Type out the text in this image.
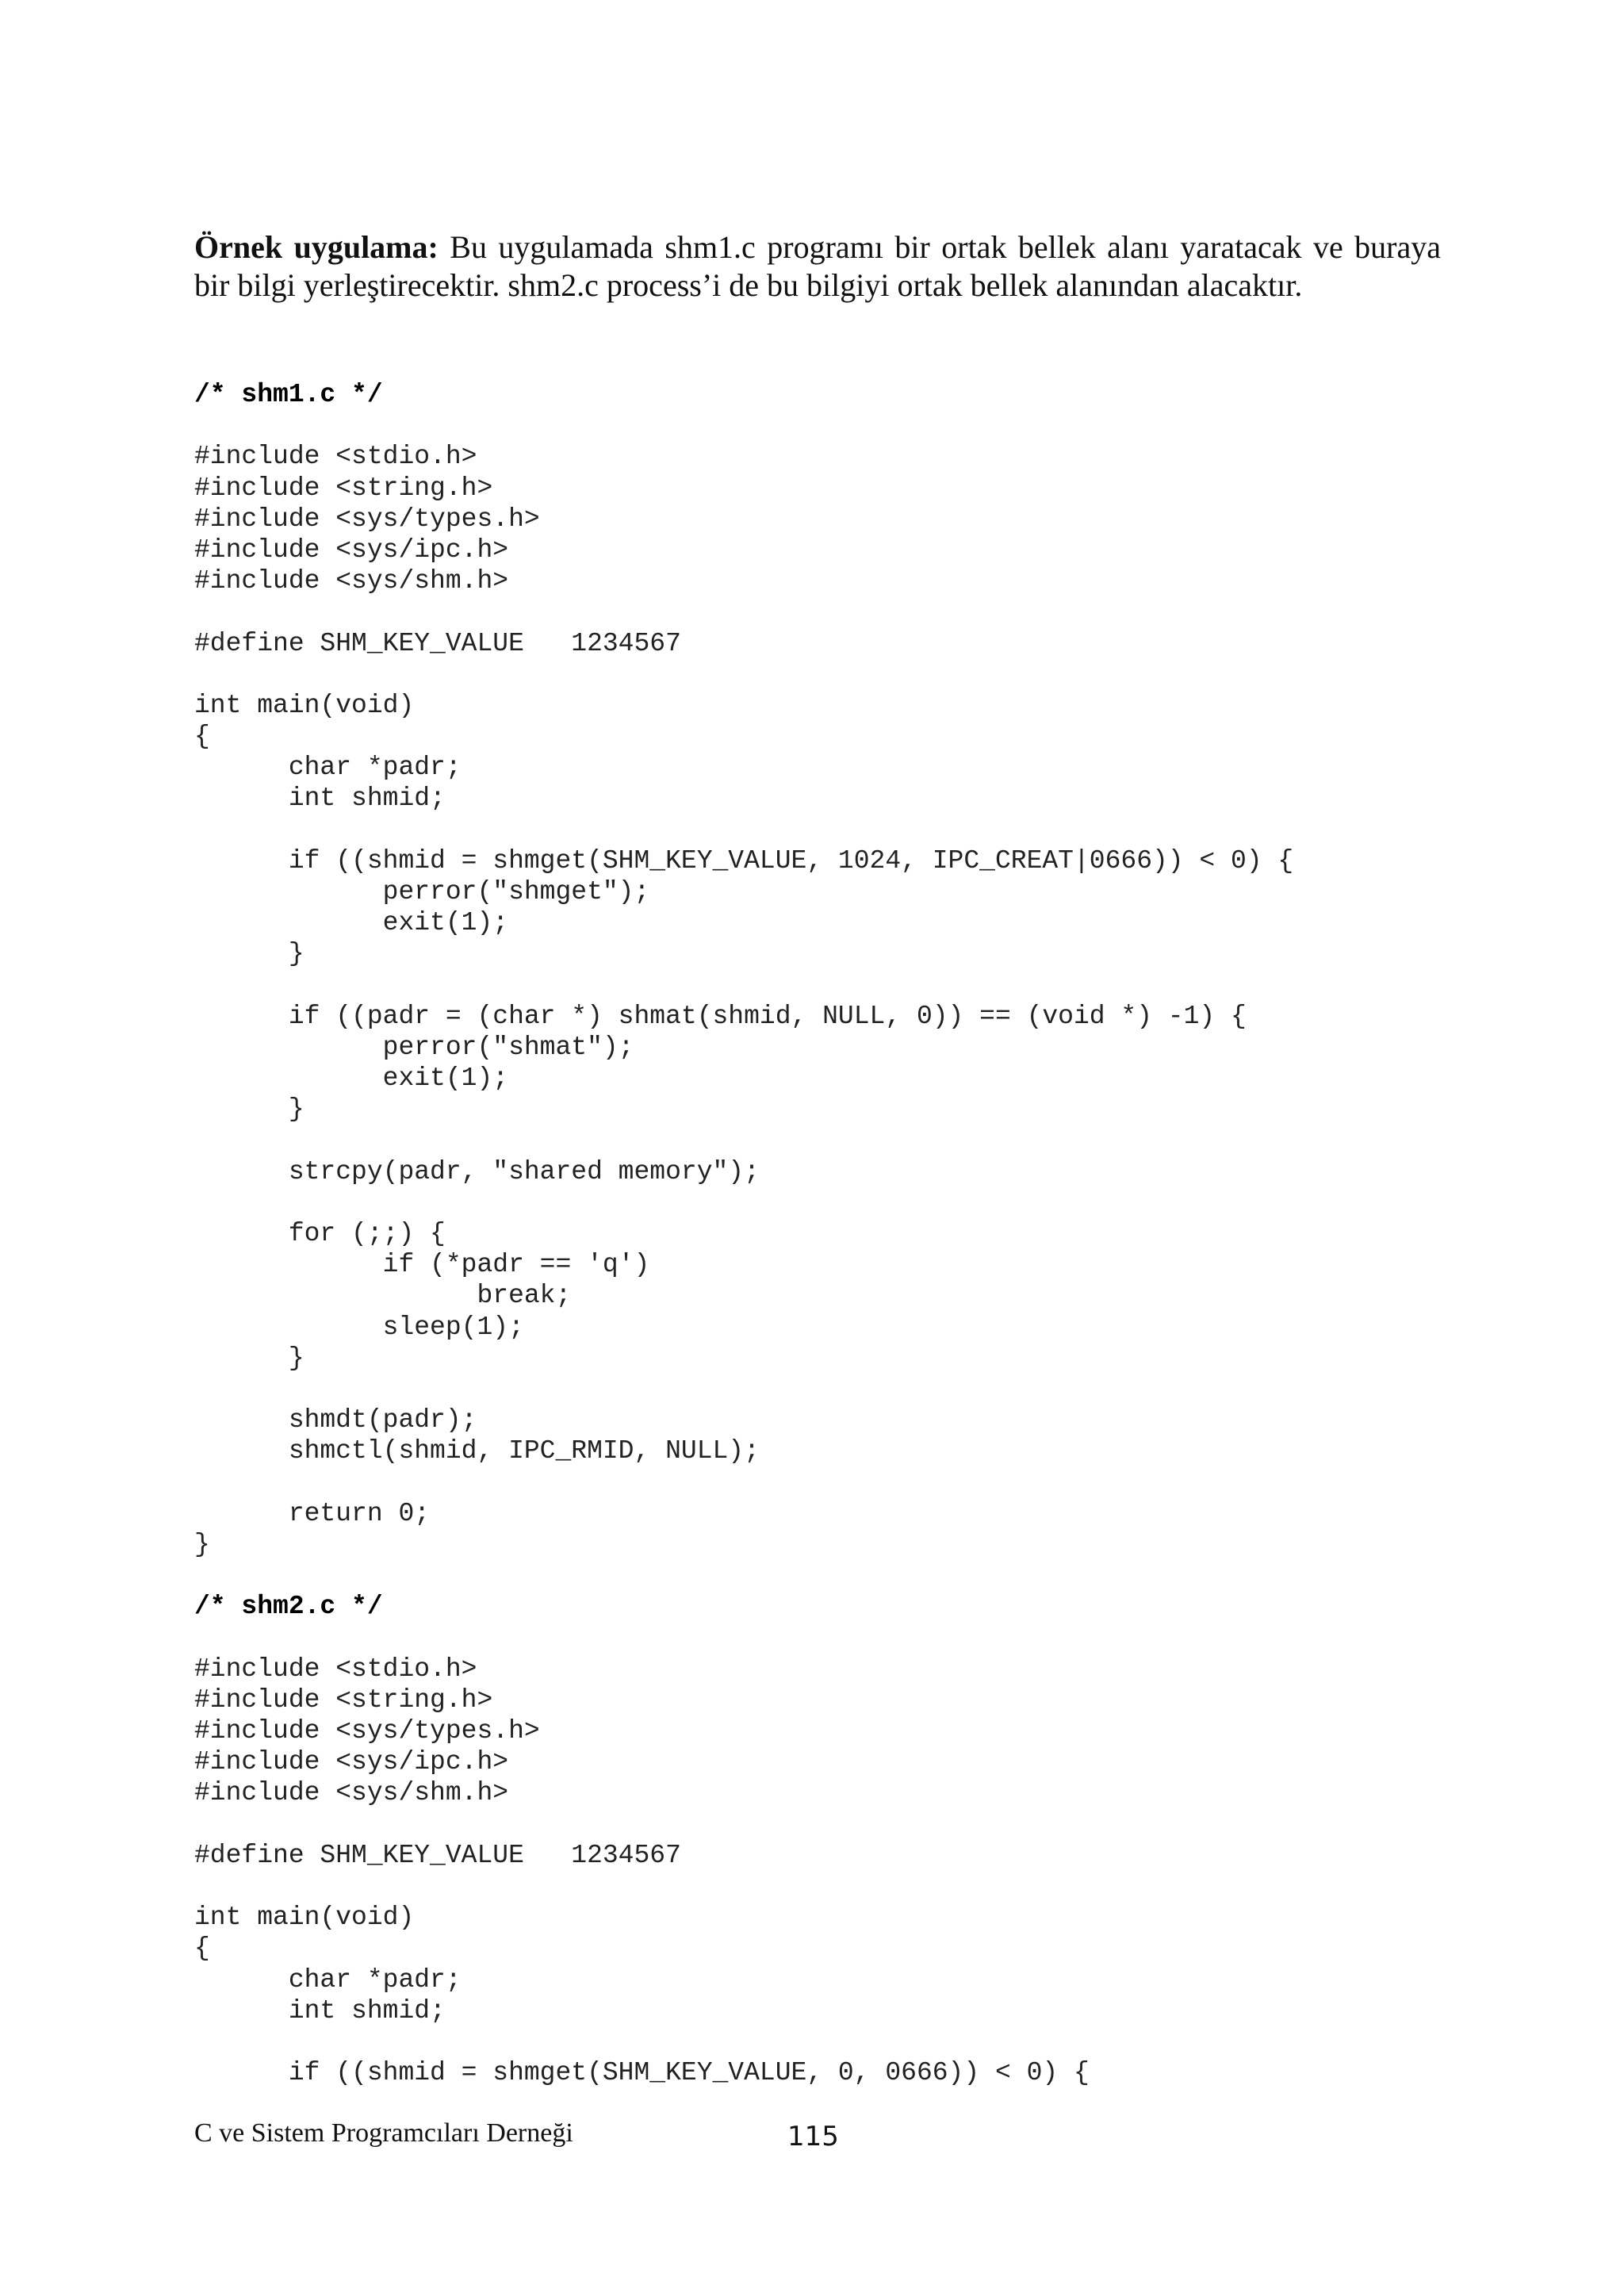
Örnek uygulama: Bu uygulamada shm1.c programı bir ortak bellek alanı yaratacak ve buraya bir bilgi yerleştirecektir. shm2.c process’i de bu bilgiyi ortak bellek alanından alacaktır.

/* shm1.c */
#include <stdio.h>
#include <string.h>
#include <sys/types.h>
#include <sys/ipc.h>
#include <sys/shm.h>
#define SHM_KEY_VALUE   1234567
int main(void)
{
char *padr;
int shmid;
if ((shmid = shmget(SHM_KEY_VALUE, 1024, IPC_CREAT|0666)) < 0) {
perror("shmget");
exit(1);
}
if ((padr = (char *) shmat(shmid, NULL, 0)) == (void *) -1) {
perror("shmat");
exit(1);
}
strcpy(padr, "shared memory");
for (;;) {
if (*padr == 'q')
break;
sleep(1);
}
shmdt(padr);
shmctl(shmid, IPC_RMID, NULL);
return 0;
}
/* shm2.c */
#include <stdio.h>
#include <string.h>
#include <sys/types.h>
#include <sys/ipc.h>
#include <sys/shm.h>
#define SHM_KEY_VALUE   1234567
int main(void)
{
char *padr;
int shmid;
if ((shmid = shmget(SHM_KEY_VALUE, 0, 0666)) < 0) {
C ve Sistem Programcıları Derneği	115
